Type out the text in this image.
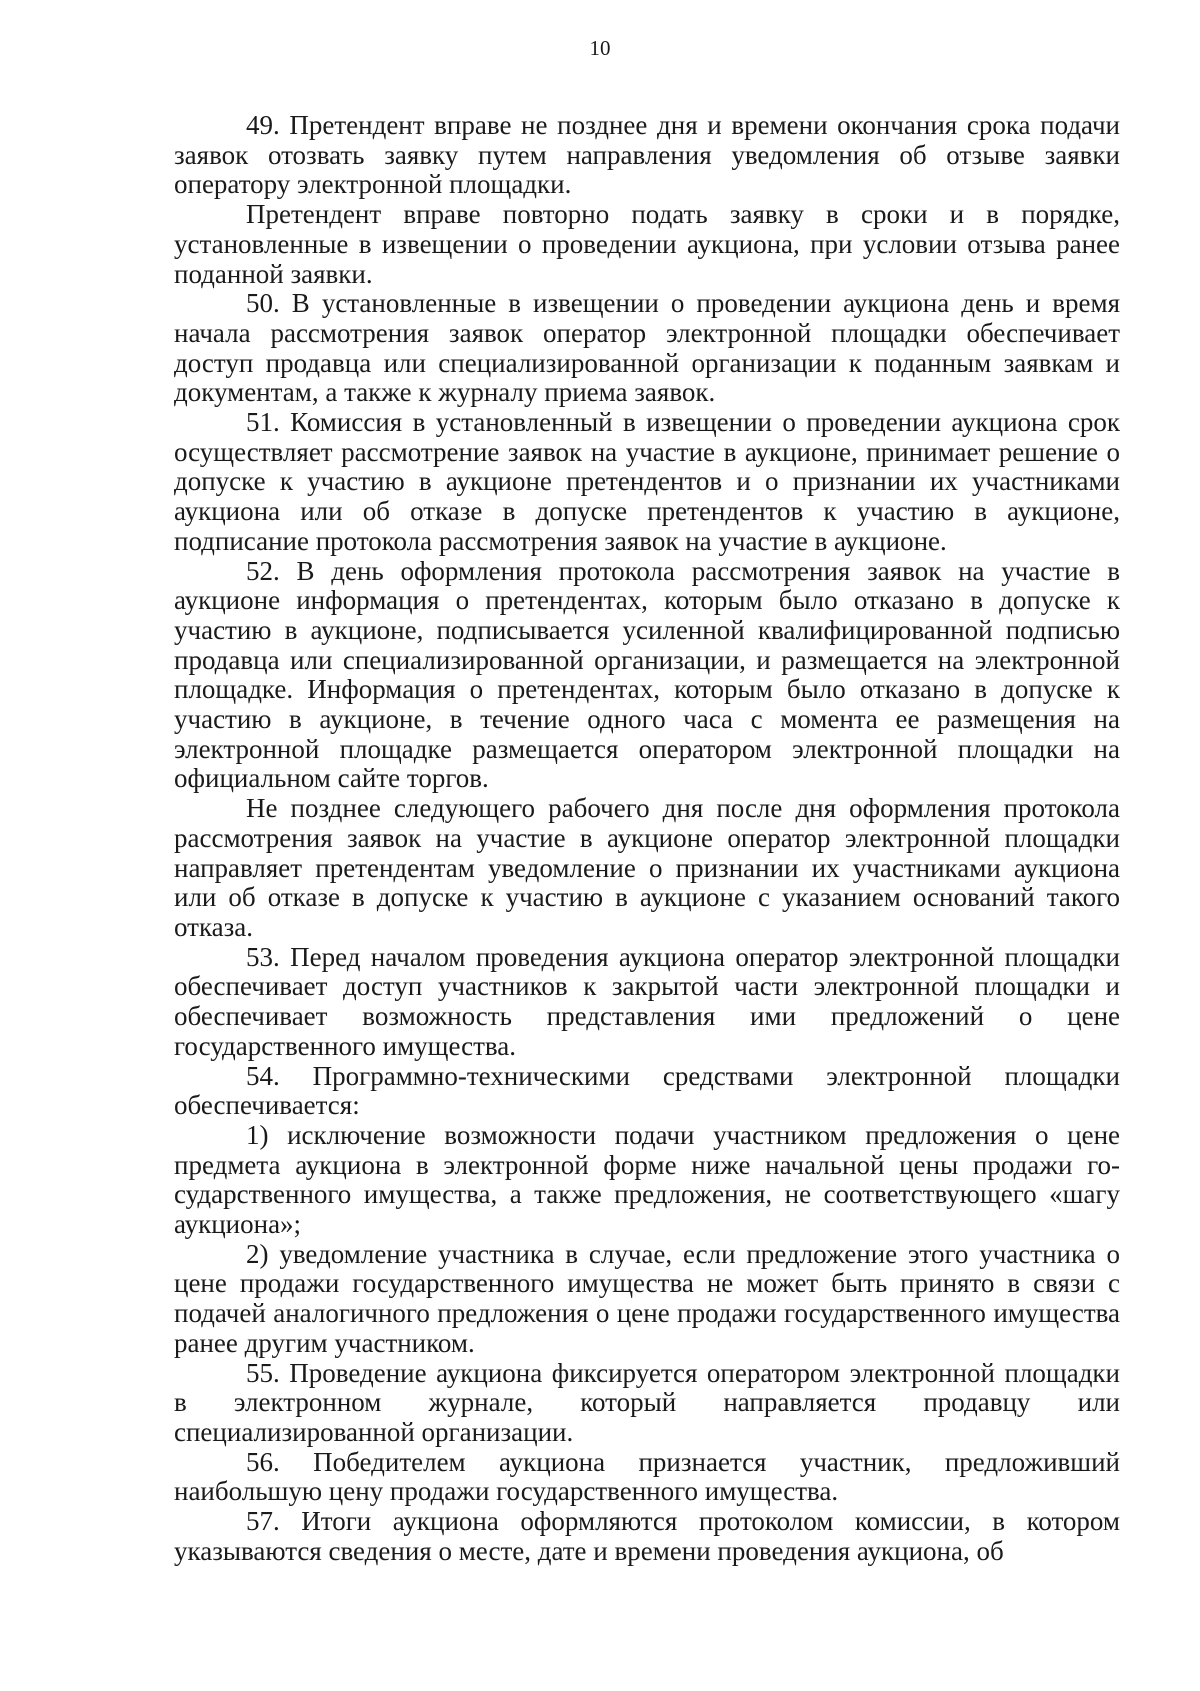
10

49. Претендент вправе не позднее дня и времени окончания срока подачи заявок отозвать заявку путем направления уведомления об отзыве заявки оператору электронной площадки.

Претендент вправе повторно подать заявку в сроки и в порядке, установленные в извещении о проведении аукциона, при условии отзыва ранее поданной заявки.

50. В установленные в извещении о проведении аукциона день и время начала рассмотрения заявок оператор электронной площадки обеспечивает доступ продавца или специализированной организации к поданным заявкам и документам, а также к журналу приема заявок.

51. Комиссия в установленный в извещении о проведении аукциона срок осуществляет рассмотрение заявок на участие в аукционе, принимает решение о допуске к участию в аукционе претендентов и о признании их участниками аукциона или об отказе в допуске претендентов к участию в аукционе, подписание протокола рассмотрения заявок на участие в аукционе.

52. В день оформления протокола рассмотрения заявок на участие в аукционе информация о претендентах, которым было отказано в допуске к участию в аукционе, подписывается усиленной квалифицированной подписью продавца или специализированной организации, и размещается на электронной площадке. Информация о претендентах, которым было отказано в допуске к участию в аукционе, в течение одного часа с момента ее размещения на электронной площадке размещается оператором электронной площадки на официальном сайте торгов.

Не позднее следующего рабочего дня после дня оформления протокола рассмотрения заявок на участие в аукционе оператор электронной площадки направляет претендентам уведомление о признании их участниками аукциона или об отказе в допуске к участию в аукционе с указанием оснований такого отказа.

53. Перед началом проведения аукциона оператор электронной площадки обеспечивает доступ участников к закрытой части электронной площадки и обеспечивает возможность представления ими предложений о цене государственного имущества.

54. Программно-техническими средствами электронной площадки обеспечивается:

1) исключение возможности подачи участником предложения о цене предмета аукциона в электронной форме ниже начальной цены продажи государственного имущества, а также предложения, не соответствующего «шагу аукциона»;

2) уведомление участника в случае, если предложение этого участника о цене продажи государственного имущества не может быть принято в связи с подачей аналогичного предложения о цене продажи государственного имущества ранее другим участником.

55. Проведение аукциона фиксируется оператором электронной площадки в электронном журнале, который направляется продавцу или специализированной организации.

56. Победителем аукциона признается участник, предложивший наибольшую цену продажи государственного имущества.

57. Итоги аукциона оформляются протоколом комиссии, в котором указываются сведения о месте, дате и времени проведения аукциона, об
